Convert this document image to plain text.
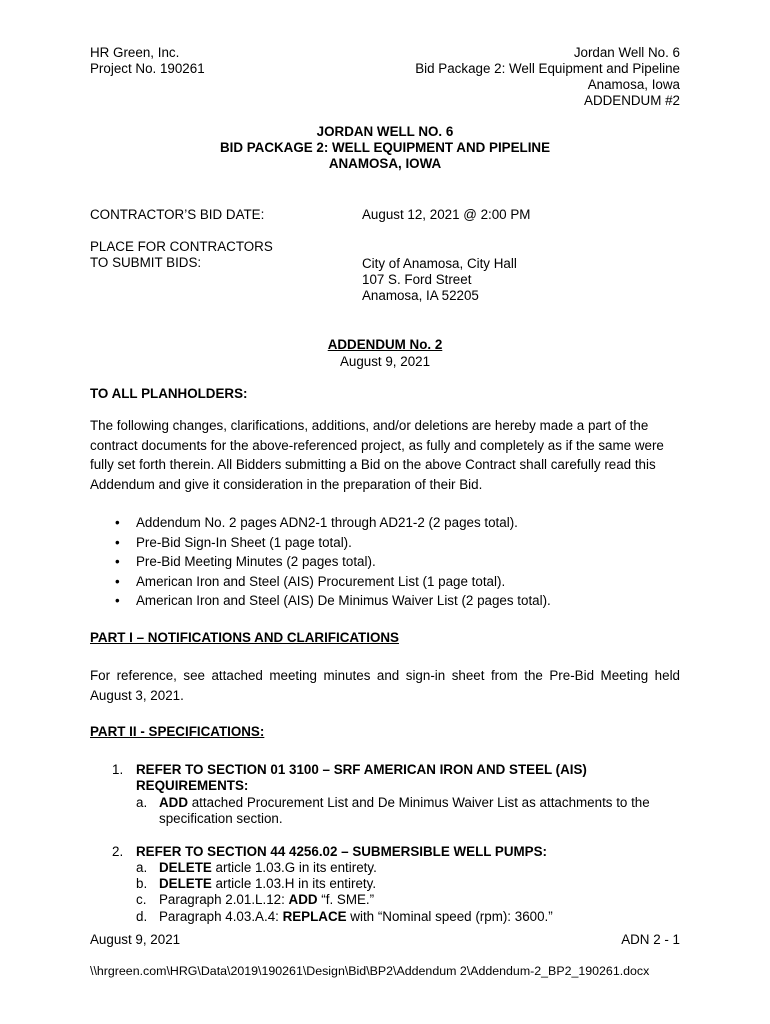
HR Green, Inc.
Project No. 190261
Jordan Well No. 6
Bid Package 2: Well Equipment and Pipeline
Anamosa, Iowa
ADDENDUM #2
JORDAN WELL NO. 6
BID PACKAGE 2: WELL EQUIPMENT AND PIPELINE
ANAMOSA, IOWA
CONTRACTOR’S BID DATE:	August 12, 2021 @ 2:00 PM
PLACE FOR CONTRACTORS
TO SUBMIT BIDS:	City of Anamosa, City Hall
107 S. Ford Street
Anamosa, IA 52205
ADDENDUM No. 2
August 9, 2021
TO ALL PLANHOLDERS:
The following changes, clarifications, additions, and/or deletions are hereby made a part of the contract documents for the above-referenced project, as fully and completely as if the same were fully set forth therein. All Bidders submitting a Bid on the above Contract shall carefully read this Addendum and give it consideration in the preparation of their Bid.
• Addendum No. 2 pages ADN2-1 through AD21-2 (2 pages total).
• Pre-Bid Sign-In Sheet (1 page total).
• Pre-Bid Meeting Minutes (2 pages total).
• American Iron and Steel (AIS) Procurement List (1 page total).
• American Iron and Steel (AIS) De Minimus Waiver List (2 pages total).
PART I – NOTIFICATIONS AND CLARIFICATIONS
For reference, see attached meeting minutes and sign-in sheet from the Pre-Bid Meeting held August 3, 2021.
PART II - SPECIFICATIONS:
1. REFER TO SECTION 01 3100 – SRF AMERICAN IRON AND STEEL (AIS)
REQUIREMENTS:
a. ADD attached Procurement List and De Minimus Waiver List as attachments to the
specification section.
2. REFER TO SECTION 44 4256.02 – SUBMERSIBLE WELL PUMPS:
a. DELETE article 1.03.G in its entirety.
b. DELETE article 1.03.H in its entirety.
c. Paragraph 2.01.L.12: ADD “f. SME.”
d. Paragraph 4.03.A.4: REPLACE with “Nominal speed (rpm): 3600.”
August 9, 2021	ADN 2 - 1
\\hrgreen.com\HRG\Data\2019\190261\Design\Bid\BP2\Addendum 2\Addendum-2_BP2_190261.docx
